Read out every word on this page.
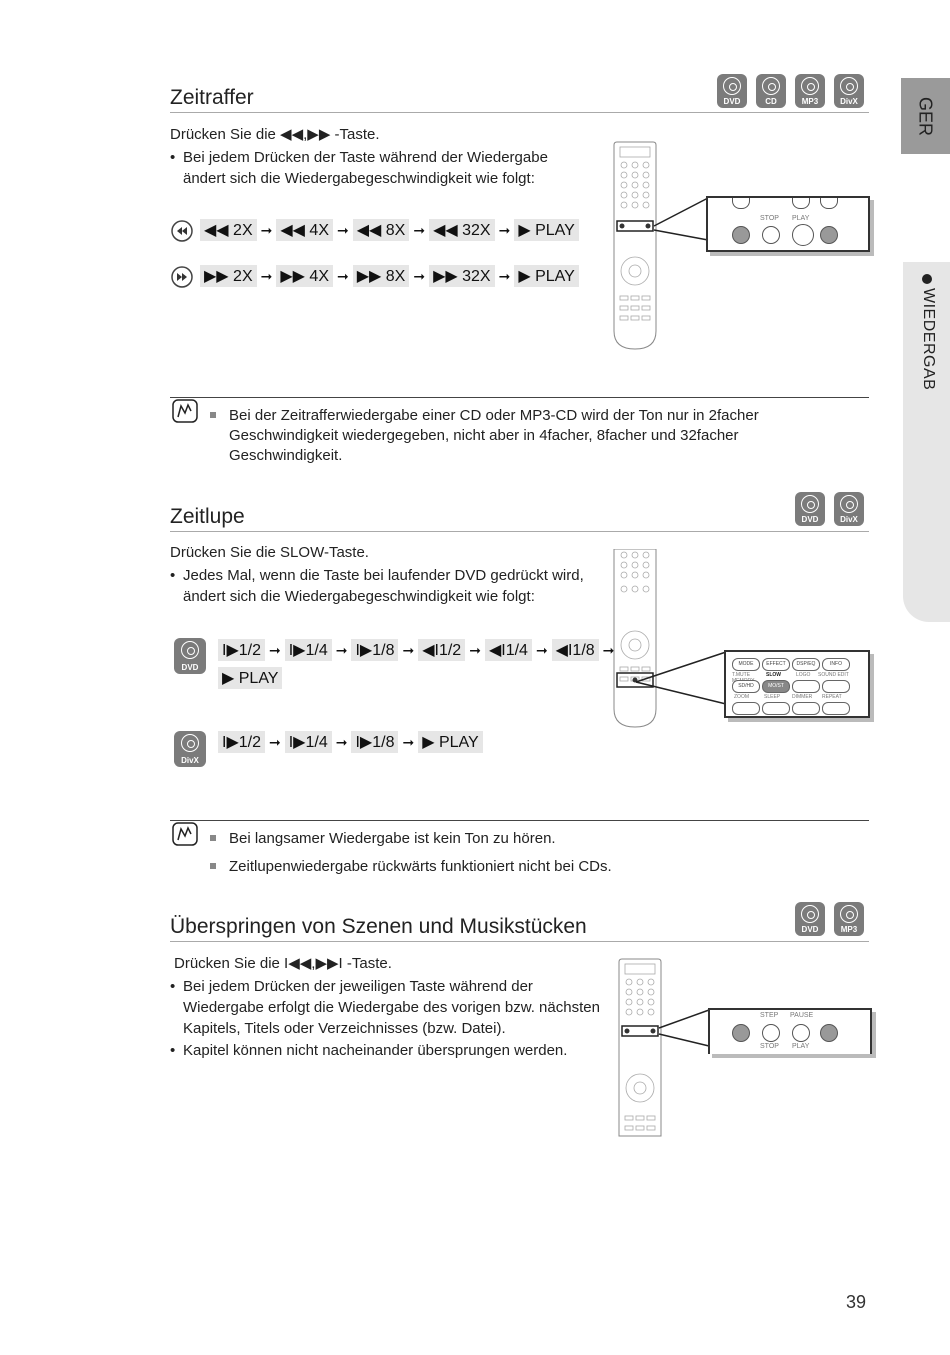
GER
WIEDERGAB
Zeitraffer	DVD	CD	MP3	DivX
Drücken Sie die ◀◀,▶▶ -Taste.
• Bei jedem Drücken der Taste während der Wiedergabe ändert sich die Wiedergabegeschwindigkeit wie folgt:
◀◀ 2X ➞ ◀◀ 4X ➞ ◀◀ 8X ➞ ◀◀ 32X ➞ ▶ PLAY
▶▶ 2X ➞ ▶▶ 4X ➞ ▶▶ 8X ➞ ▶▶ 32X ➞ ▶ PLAY
STOP PLAY
Bei der Zeitrafferwiedergabe einer CD oder MP3-CD wird der Ton nur in 2facher Geschwindigkeit wiedergegeben, nicht aber in 4facher, 8facher und 32facher Geschwindigkeit.
Zeitlupe	DVD	DivX
Drücken Sie die SLOW-Taste.
• Jedes Mal, wenn die Taste bei laufender DVD gedrückt wird, ändert sich die Wiedergabegeschwindigkeit wie folgt:
DVD
I▶1/2 ➞ I▶1/4 ➞ I▶1/8 ➞ ◀I1/2 ➞ ◀I1/4 ➞ ◀I1/8 ➞
▶ PLAY
DivX
I▶1/2 ➞ I▶1/4 ➞ I▶1/8 ➞ ▶ PLAY
MODE	EFFECT	DSP/EQ	INFO
T.MUTE	SLOW	LOGO SOUND EDIT
SD/HD	MO/ST
ZOOM	SLEEP DIMMER REPEAT
Bei langsamer Wiedergabe ist kein Ton zu hören.
Zeitlupenwiedergabe rückwärts funktioniert nicht bei CDs.
Überspringen von Szenen und Musikstücken	DVD	MP3
Drücken Sie die I◀◀,▶▶I -Taste.
• Bei jedem Drücken der jeweiligen Taste während der Wiedergabe erfolgt die Wiedergabe des vorigen bzw. nächsten Kapitels, Titels oder Verzeichnisses (bzw. Datei).
• Kapitel können nicht nacheinander übersprungen werden.
STEP PAUSE
STOP PLAY
39
